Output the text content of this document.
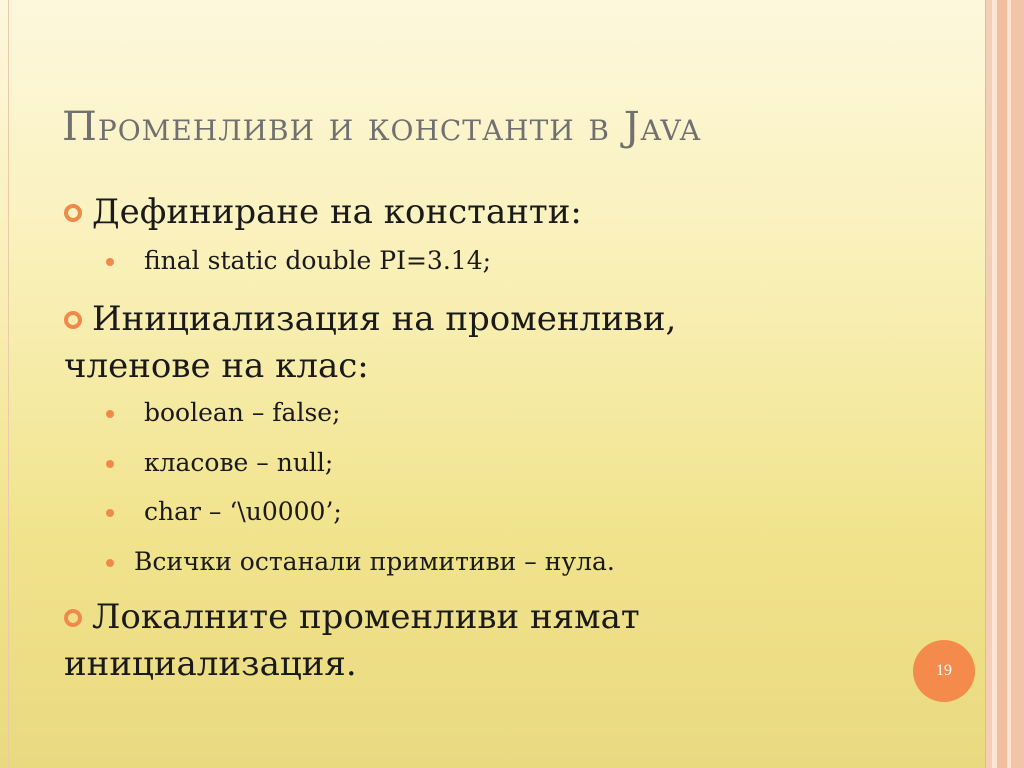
Променливи и константи в Java
Дефиниране на константи:
final static double PI=3.14;
Инициализация на променливи,
членове на клас:
boolean – false;
класове – null;
char – ‘\u0000’;
Всички останали примитиви – нула.
Локалните променливи нямат
инициализация.	19
